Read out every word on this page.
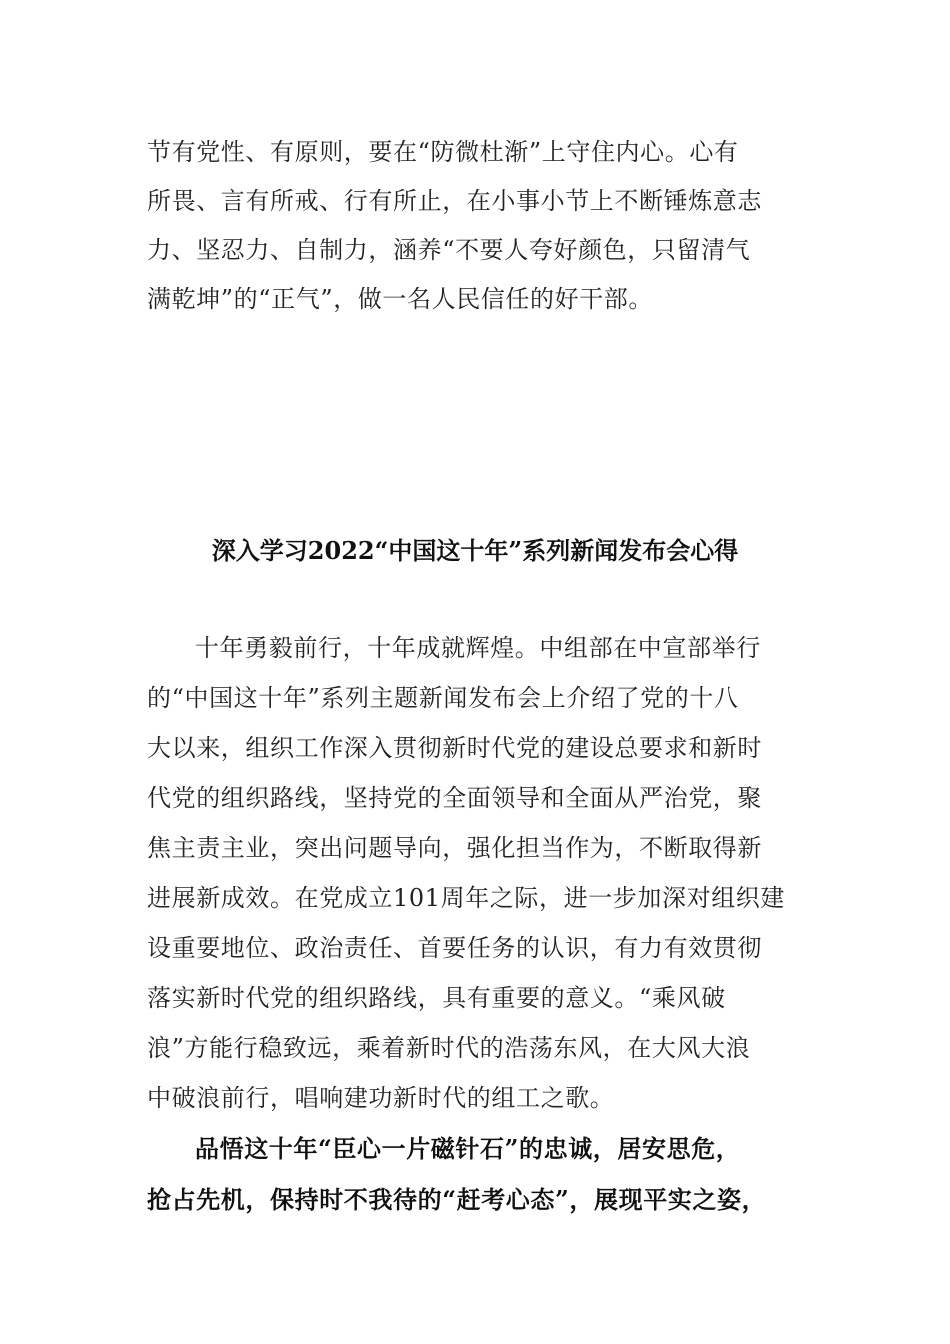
节有党性、有原则，要在“防微杜渐”上守住内心。心有
所畏、言有所戒、行有所止，在小事小节上不断锤炼意志
力、坚忍力、自制力，涵养“不要人夸好颜色，只留清气
满乾坤”的“正气”，做一名人民信任的好干部。
深入学习2022“中国这十年”系列新闻发布会心得
十年勇毅前行，十年成就辉煌。中组部在中宣部举行
的“中国这十年”系列主题新闻发布会上介绍了党的十八
大以来，组织工作深入贯彻新时代党的建设总要求和新时
代党的组织路线，坚持党的全面领导和全面从严治党，聚
焦主责主业，突出问题导向，强化担当作为，不断取得新
进展新成效。在党成立101周年之际，进一步加深对组织建
设重要地位、政治责任、首要任务的认识，有力有效贯彻
落实新时代党的组织路线，具有重要的意义。“乘风破
浪”方能行稳致远，乘着新时代的浩荡东风，在大风大浪
中破浪前行，唱响建功新时代的组工之歌。
品悟这十年“臣心一片磁针石”的忠诚，居安思危，
抢占先机，保持时不我待的“赶考心态”，展现平实之姿，
